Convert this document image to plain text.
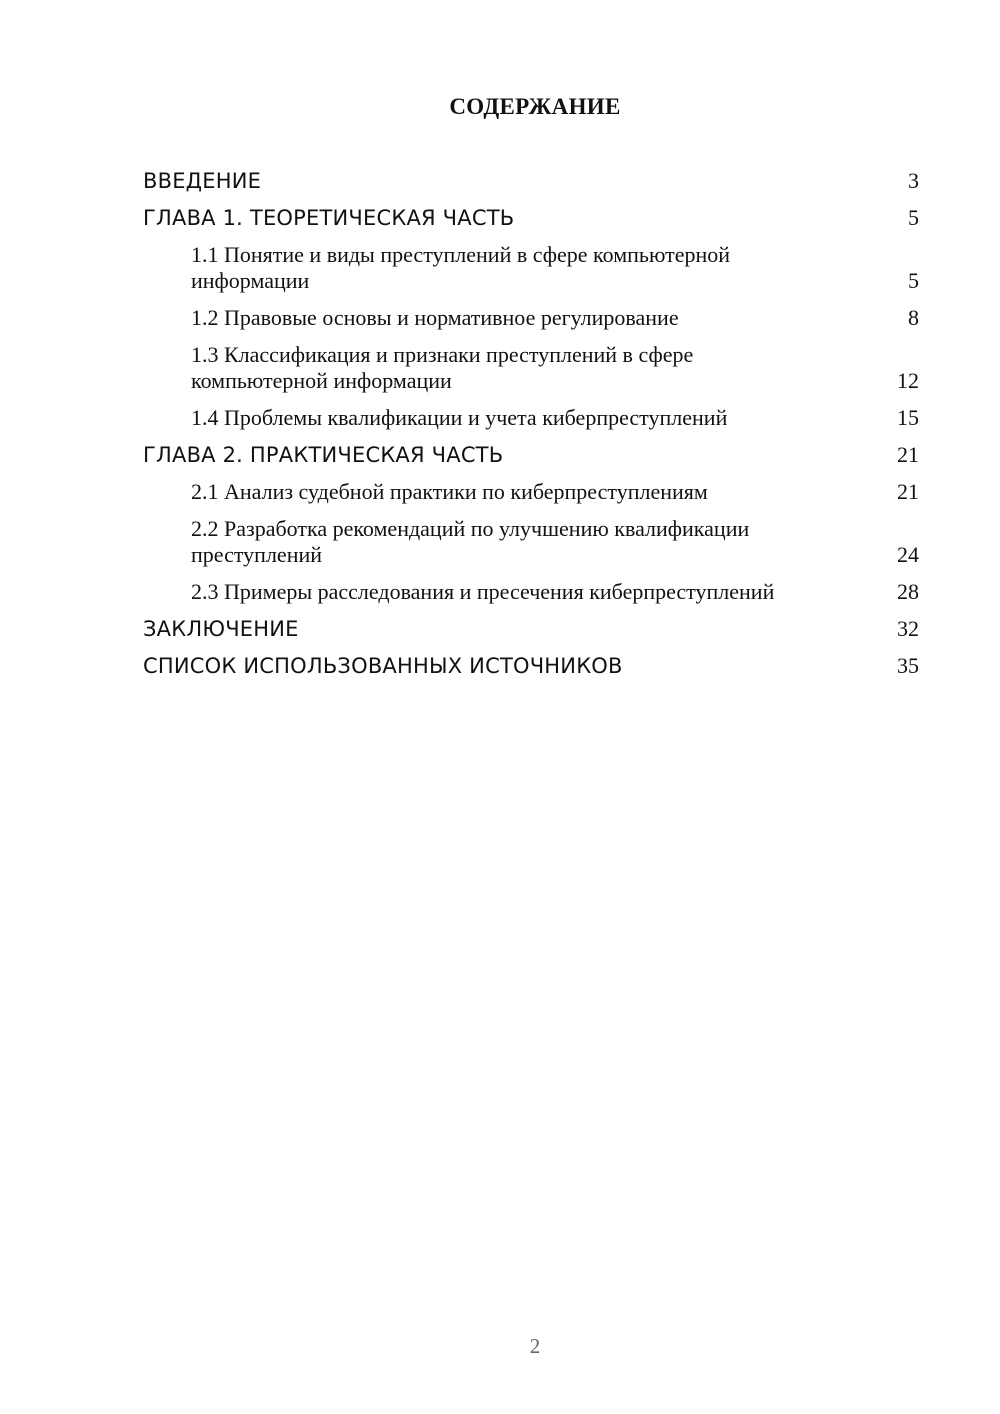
СОДЕРЖАНИЕ
ВВЕДЕНИЕ	3
ГЛАВА 1. ТЕОРЕТИЧЕСКАЯ ЧАСТЬ	5
1.1 Понятие и виды преступлений в сфере компьютерной информации	5
1.2 Правовые основы и нормативное регулирование	8
1.3 Классификация и признаки преступлений в сфере компьютерной информации	12
1.4 Проблемы квалификации и учета киберпреступлений	15
ГЛАВА 2. ПРАКТИЧЕСКАЯ ЧАСТЬ	21
2.1 Анализ судебной практики по киберпреступлениям	21
2.2 Разработка рекомендаций по улучшению квалификации преступлений	24
2.3 Примеры расследования и пресечения киберпреступлений	28
ЗАКЛЮЧЕНИЕ	32
СПИСОК ИСПОЛЬЗОВАННЫХ ИСТОЧНИКОВ	35
2
